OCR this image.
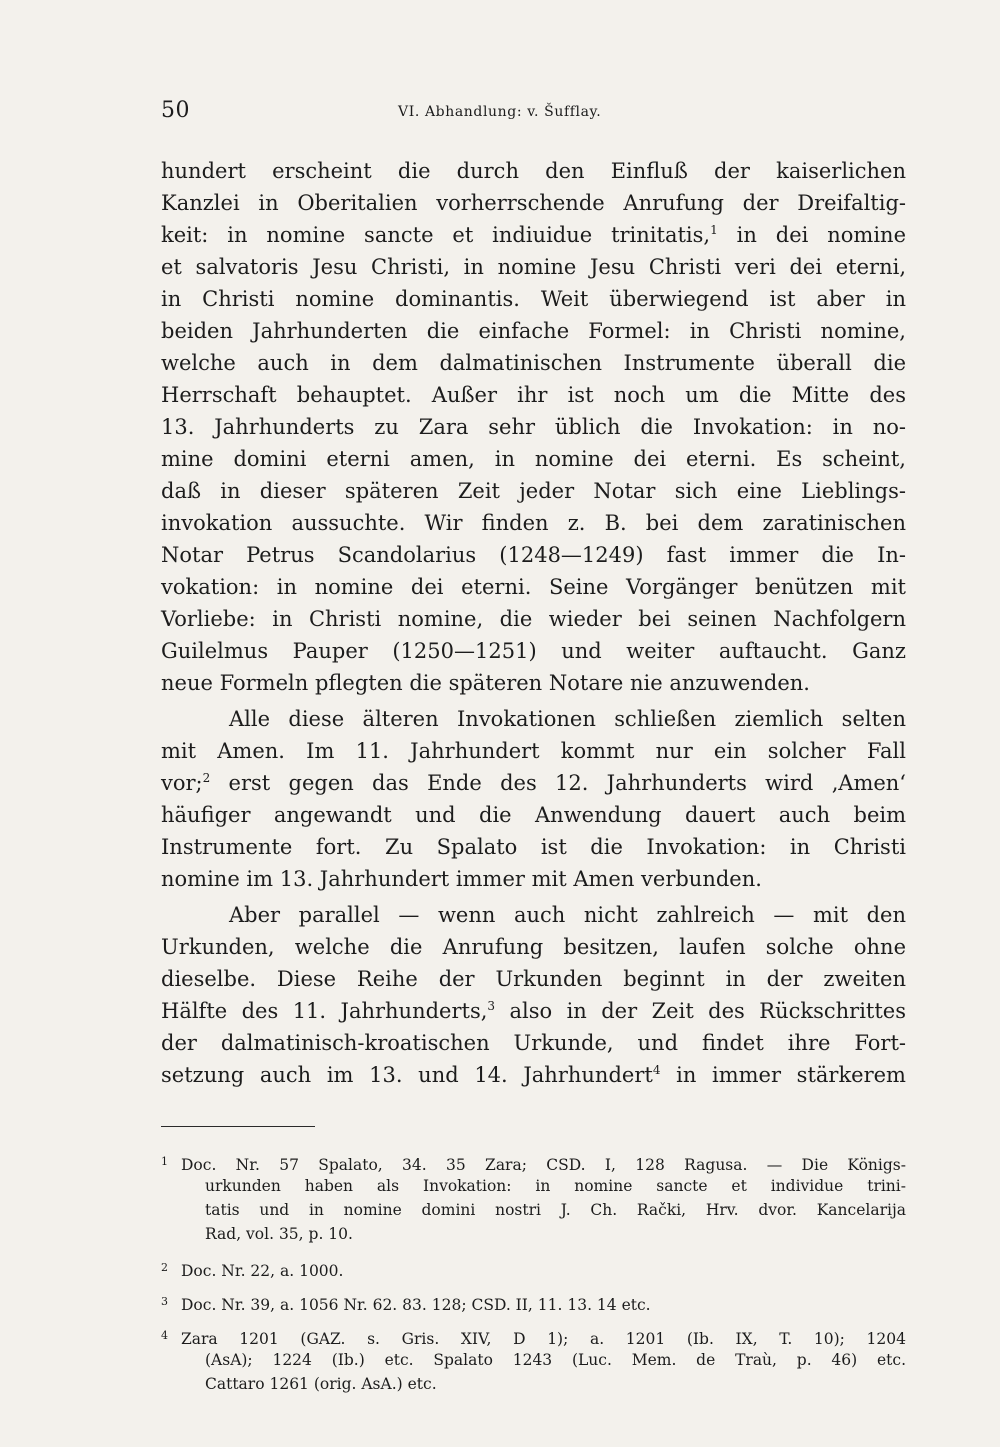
50	VI. Abhandlung: v. Šufflay.
hundert erscheint die durch den Einfluß der kaiserlichen
Kanzlei in Oberitalien vorherrschende Anrufung der Dreifaltig-
keit: in nomine sancte et indiuidue trinitatis,$^1$ in dei nomine
et salvatoris Jesu Christi, in nomine Jesu Christi veri dei eterni,
in Christi nomine dominantis. Weit überwiegend ist aber in
beiden Jahrhunderten die einfache Formel: in Christi nomine,
welche auch in dem dalmatinischen Instrumente überall die
Herrschaft behauptet. Außer ihr ist noch um die Mitte des
13. Jahrhunderts zu Zara sehr üblich die Invokation: in no-
mine domini eterni amen, in nomine dei eterni. Es scheint,
daß in dieser späteren Zeit jeder Notar sich eine Lieblings-
invokation aussuchte. Wir finden z. B. bei dem zaratinischen
Notar Petrus Scandolarius (1248—1249) fast immer die In-
vokation: in nomine dei eterni. Seine Vorgänger benützen mit
Vorliebe: in Christi nomine, die wieder bei seinen Nachfolgern
Guilelmus Pauper (1250—1251) und weiter auftaucht. Ganz
neue Formeln pflegten die späteren Notare nie anzuwenden.
Alle diese älteren Invokationen schließen ziemlich selten
mit Amen. Im 11. Jahrhundert kommt nur ein solcher Fall
vor;$^2$ erst gegen das Ende des 12. Jahrhunderts wird ‚Amen‘
häufiger angewandt und die Anwendung dauert auch beim
Instrumente fort. Zu Spalato ist die Invokation: in Christi
nomine im 13. Jahrhundert immer mit Amen verbunden.
Aber parallel — wenn auch nicht zahlreich — mit den
Urkunden, welche die Anrufung besitzen, laufen solche ohne
dieselbe. Diese Reihe der Urkunden beginnt in der zweiten
Hälfte des 11. Jahrhunderts,$^3$ also in der Zeit des Rückschrittes
der dalmatinisch-kroatischen Urkunde, und findet ihre Fort-
setzung auch im 13. und 14. Jahrhundert$^4$ in immer stärkerem
1 Doc. Nr. 57 Spalato, 34. 35 Zara; CSD. I, 128 Ragusa. — Die Königs-
urkunden haben als Invokation: in nomine sancte et individue trini-
tatis und in nomine domini nostri J. Ch. Rački, Hrv. dvor. Kancelarija
Rad, vol. 35, p. 10.
2 Doc. Nr. 22, a. 1000.
3 Doc. Nr. 39, a. 1056 Nr. 62. 83. 128; CSD. II, 11. 13. 14 etc.
4 Zara 1201 (GAZ. s. Gris. XIV, D 1); a. 1201 (Ib. IX, T. 10); 1204
(AsA); 1224 (Ib.) etc. Spalato 1243 (Luc. Mem. de Traù, p. 46) etc.
Cattaro 1261 (orig. AsA.) etc.
